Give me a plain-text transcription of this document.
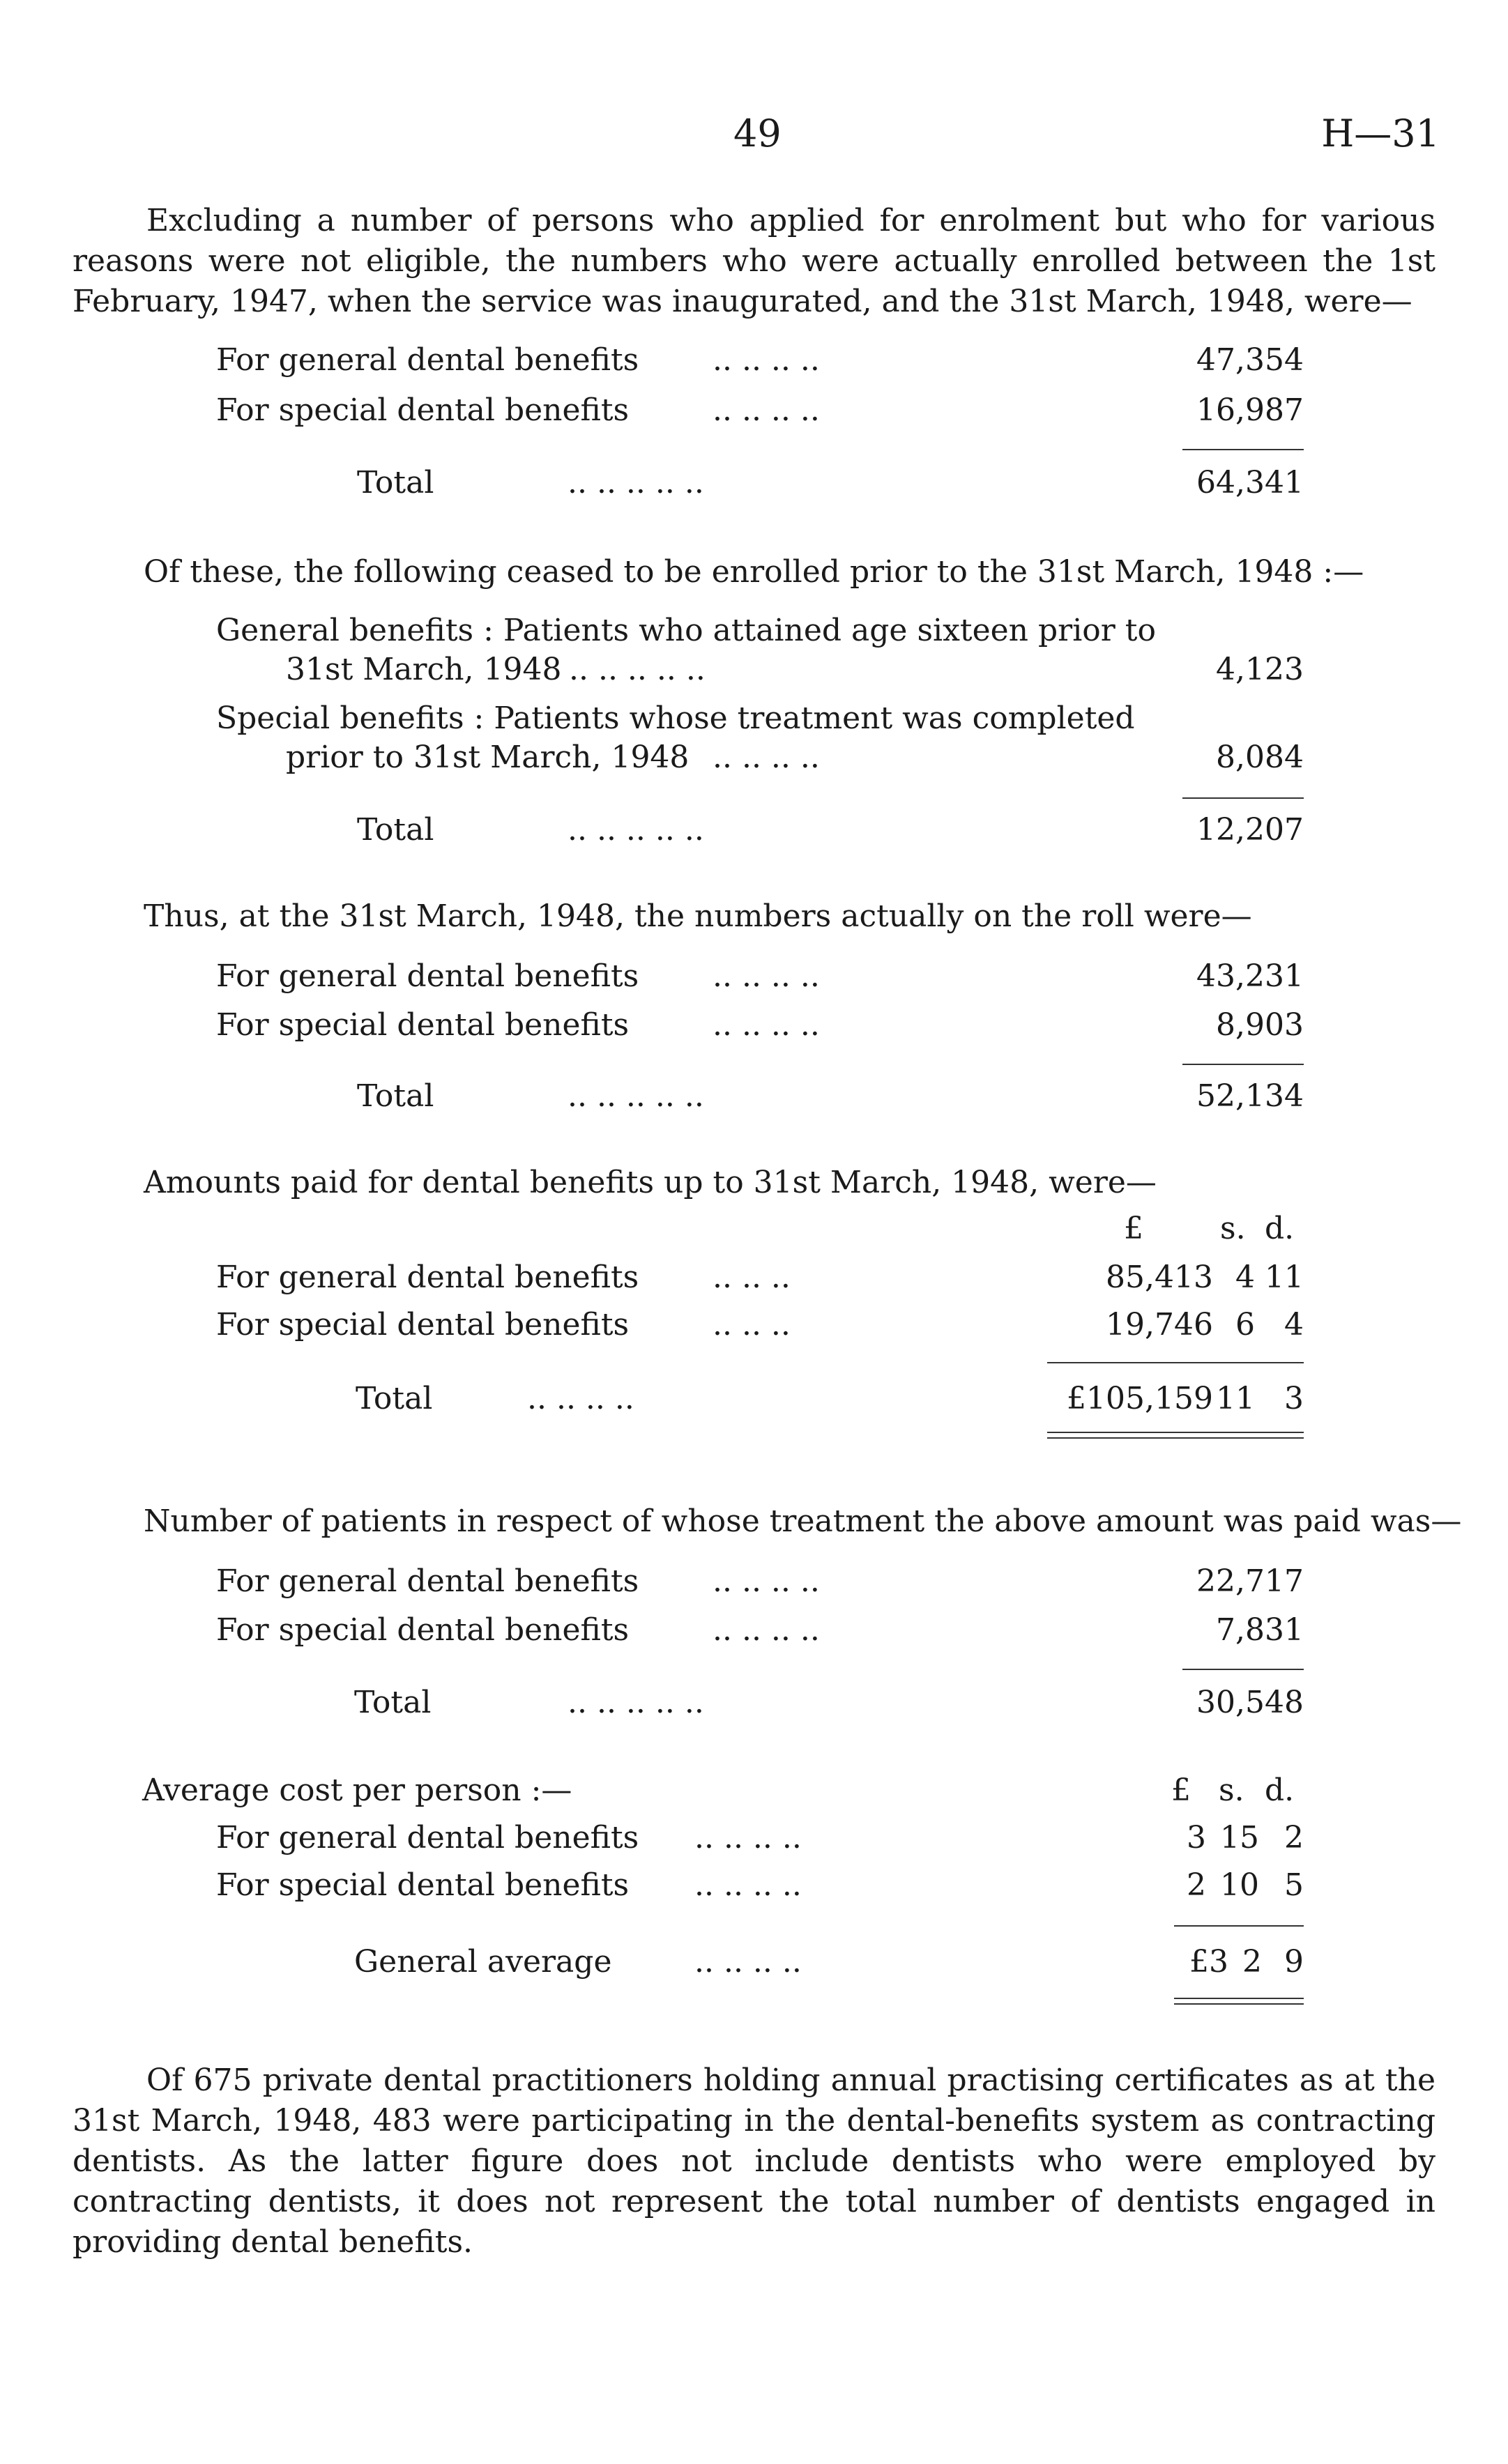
49	H—31
Excluding a number of persons who applied for enrolment but who for various reasons were not eligible, the numbers who were actually enrolled between the 1st February, 1947, when the service was inaugurated, and the 31st March, 1948, were—
For general dental benefits .. .. .. ..	47,354
For special dental benefits	.. .. .. ..	16,987
Total	.. .. .. .. ..	64,341
Of these, the following ceased to be enrolled prior to the 31st March, 1948 :—
General benefits : Patients who attained age sixteen prior to
31st March, 1948 .. .. .. .. ..	4,123
Special benefits : Patients whose treatment was completed
prior to 31st March, 1948 .. .. .. ..	8,084
Total	.. .. .. .. ..	12,207
Thus, at the 31st March, 1948, the numbers actually on the roll were—
For general dental benefits .. .. .. ..	43,231
For special dental benefits	.. .. .. ..	8,903
Total	.. .. .. .. ..	52,134
Amounts paid for dental benefits up to 31st March, 1948, were—
£	s. d.
For general dental benefits .. .. ..	85,413 4 11
For special dental benefits	.. .. ..	19,746 6 4
Total	.. .. .. ..	£105,159 11 3
Number of patients in respect of whose treatment the above amount was paid was—
For general dental benefits .. .. .. ..	22,717
For special dental benefits	.. .. .. ..	7,831
Total	.. .. .. .. ..	30,548
Average cost per person :—	£ s. d.
For general dental benefits .. .. .. ..	3 15 2
For special dental benefits .. .. .. ..	2 10 5
General average	.. .. .. ..	£3 2 9
Of 675 private dental practitioners holding annual practising certificates as at the 31st March, 1948, 483 were participating in the dental-benefits system as contracting dentists. As the latter figure does not include dentists who were employed by contracting dentists, it does not represent the total number of dentists engaged in providing dental benefits.
